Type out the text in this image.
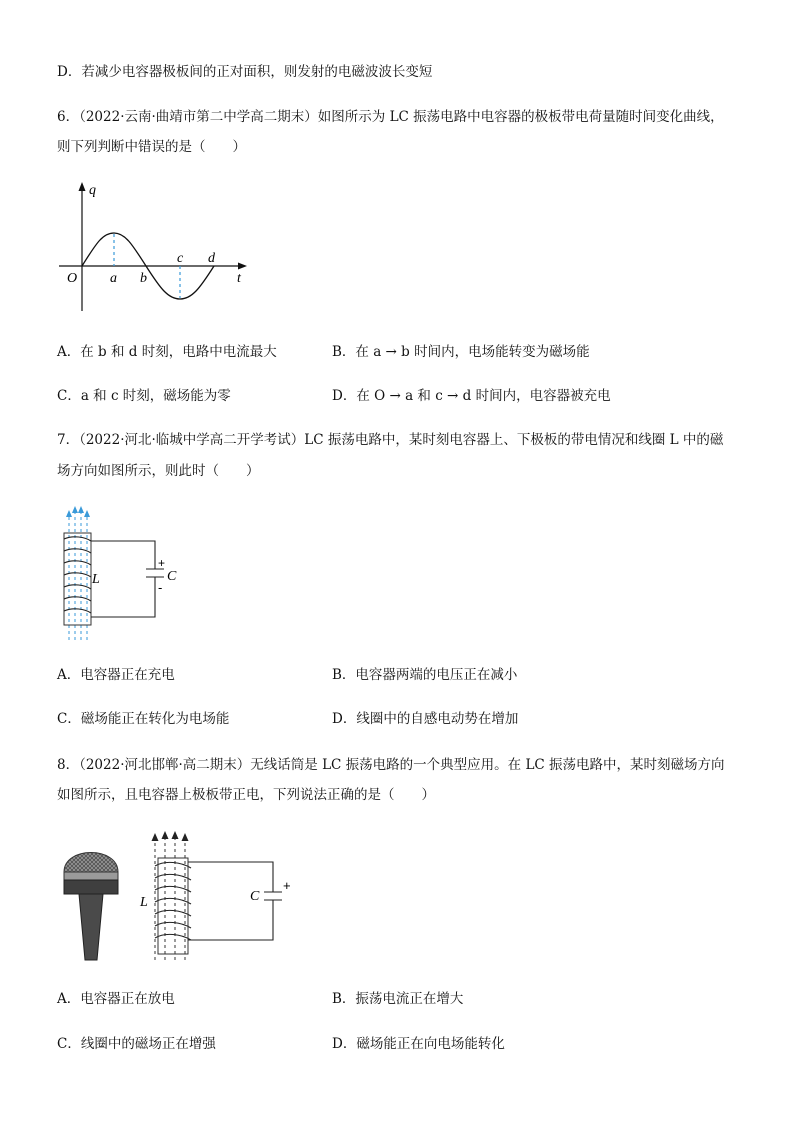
D．若减少电容器极板间的正对面积，则发射的电磁波波长变短
6．（2022·云南·曲靖市第二中学高二期末）如图所示为 LC 振荡电路中电容器的极板带电荷量随时间变化曲线，
则下列判断中错误的是（　　）
q
t
O a b
c d
A．在 b 和 d 时刻，电路中电流最大	B．在 a → b 时间内，电场能转变为磁场能
C．a 和 c 时刻，磁场能为零	D．在 O → a 和 c → d 时间内，电容器被充电
7．（2022·河北·临城中学高二开学考试）LC 振荡电路中，某时刻电容器上、下极板的带电情况和线圈 L 中的磁
场方向如图所示，则此时（　　）
L	C
+
-
A．电容器正在充电	B．电容器两端的电压正在减小
C．磁场能正在转化为电场能	D．线圈中的自感电动势在增加
8．（2022·河北邯郸·高二期末）无线话筒是 LC 振荡电路的一个典型应用。在 LC 振荡电路中，某时刻磁场方向
如图所示，且电容器上极板带正电，下列说法正确的是（　　）
L	C
+
A．电容器正在放电	B．振荡电流正在增大
C．线圈中的磁场正在增强	D．磁场能正在向电场能转化
